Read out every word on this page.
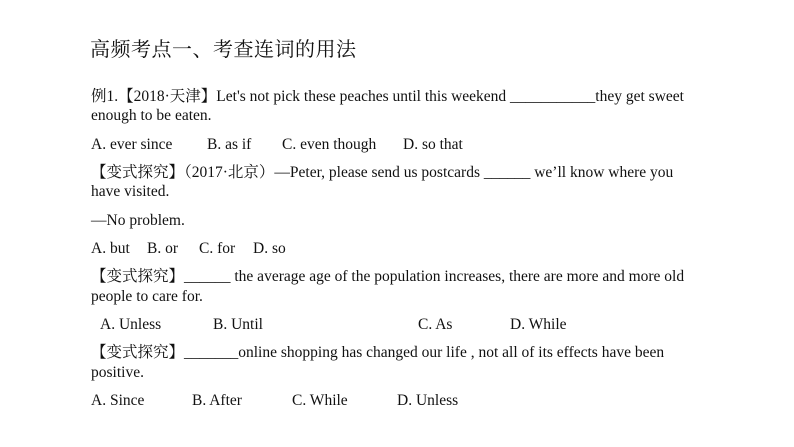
高频考点一、考查连词的用法
例1.【2018·天津】Let's not pick these peaches until this weekend ___________they get sweet
enough to be eaten.
A. ever since B. as if C. even though D. so that
【变式探究】（2017·北京）—Peter, please send us postcards ______ we’ll know where you
have visited.
—No problem.
A. but B. or C. for D. so
【变式探究】______ the average age of the population increases, there are more and more old
people to care for.
A. Unless	B. Until	C. As	D. While
【变式探究】_______online shopping has changed our life , not all of its effects have been
positive.
A. Since	B. After	C. While	D. Unless
